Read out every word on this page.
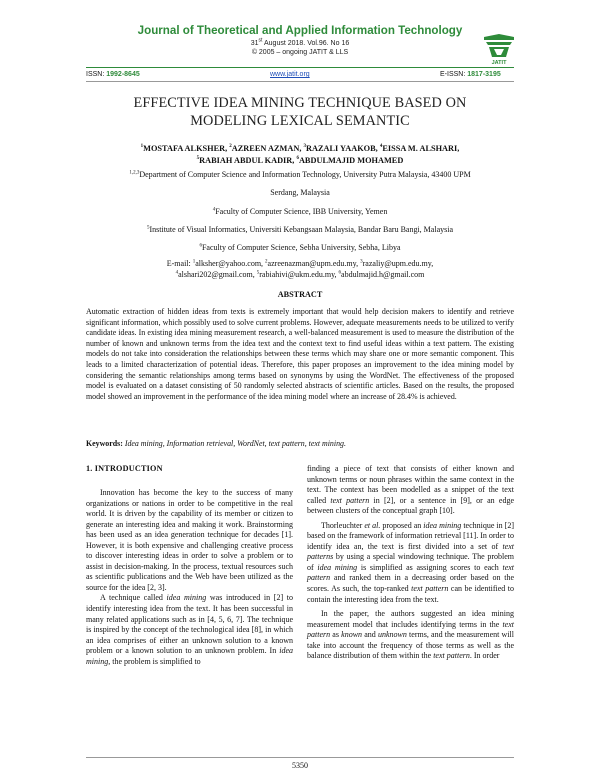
Journal of Theoretical and Applied Information Technology
31st August 2018. Vol.96. No 16
© 2005 – ongoing JATIT & LLS
JATIT
ISSN: 1992-8645	www.jatit.org	E-ISSN: 1817-3195
EFFECTIVE IDEA MINING TECHNIQUE BASED ON
MODELING LEXICAL SEMANTIC
$^1$MOSTAFA ALKSHER, $^2$AZREEN AZMAN, $^3$RAZALI YAAKOB, $^4$EISSA M. ALSHARI,
$^5$RABIAH ABDUL KADIR, $^6$ABDULMAJID MOHAMED
$^{1,2,3}$Department of Computer Science and Information Technology, University Putra Malaysia, 43400 UPM
Serdang, Malaysia
$^4$Faculty of Computer Science, IBB University, Yemen
$^5$Institute of Visual Informatics, Universiti Kebangsaan Malaysia, Bandar Baru Bangi, Malaysia
$^6$Faculty of Computer Science, Sebha University, Sebha, Libya
E-mail: $^1$alksher@yahoo.com, $^2$azreenazman@upm.edu.my, $^3$razaliy@upm.edu.my,
$^4$alshari202@gmail.com, $^5$rabiahivi@ukm.edu.my, $^6$abdulmajid.h@gmail.com
ABSTRACT
Automatic extraction of hidden ideas from texts is extremely important that would help decision makers to identify and retrieve significant information, which possibly used to solve current problems. However, adequate measurements needs to be utilized to verify candidate ideas. In existing idea mining measurement research, a well-balanced measurement is used to measure the distribution of the number of known and unknown terms from the idea text and the context text to find useful ideas within a text pattern. The existing models do not take into consideration the relationships between these terms which may share one or more semantic component. This leads to a limited characterization of potential ideas. Therefore, this paper proposes an improvement to the idea mining model by considering the semantic relationships among terms based on synonyms by using the WordNet. The effectiveness of the proposed model is evaluated on a dataset consisting of 50 randomly selected abstracts of scientific articles. Based on the results, the proposed model showed an improvement in the performance of the idea mining model where an increase of 28.4% is achieved.
Keywords: Idea mining, Information retrieval, WordNet, text pattern, text mining.
1. INTRODUCTION

Innovation has become the key to the success of many organizations or nations in order to be competitive in the real world. It is driven by the capability of its member or citizen to generate an interesting idea and making it work. Brainstorming has been used as an idea generation technique for decades [1]. However, it is both expensive and challenging creative process to discover interesting ideas in order to solve a problem or to assist in decision-making. In the process, textual resources such as scientific publications and the Web have been utilized as the source for the idea [2, 3].

A technique called idea mining was introduced in [2] to identify interesting idea from the text. It has been successful in many related applications such as in [4, 5, 6, 7]. The technique is inspired by the concept of the technological idea [8], in which an idea comprises of either an unknown solution to a known problem or a known solution to an unknown problem. In idea mining, the problem is simplified to

finding a piece of text that consists of either known and unknown terms or noun phrases within the same context in the text. The context has been modelled as a snippet of the text called text pattern in [2], or a sentence in [9], or an edge between clusters of the conceptual graph [10].

Thorleuchter et al. proposed an idea mining technique in [2] based on the framework of information retrieval [11]. In order to identify idea an, the text is first divided into a set of text patterns by using a special windowing technique. The problem of idea mining is simplified as assigning scores to each text pattern and ranked them in a decreasing order based on the scores. As such, the top-ranked text pattern can be identified to contain the interesting idea from the text.

In the paper, the authors suggested an idea mining measurement model that includes identifying terms in the text pattern as known and unknown terms, and the measurement will take into account the frequency of those terms as well as the balance distribution of them within the text pattern. In order

5350
